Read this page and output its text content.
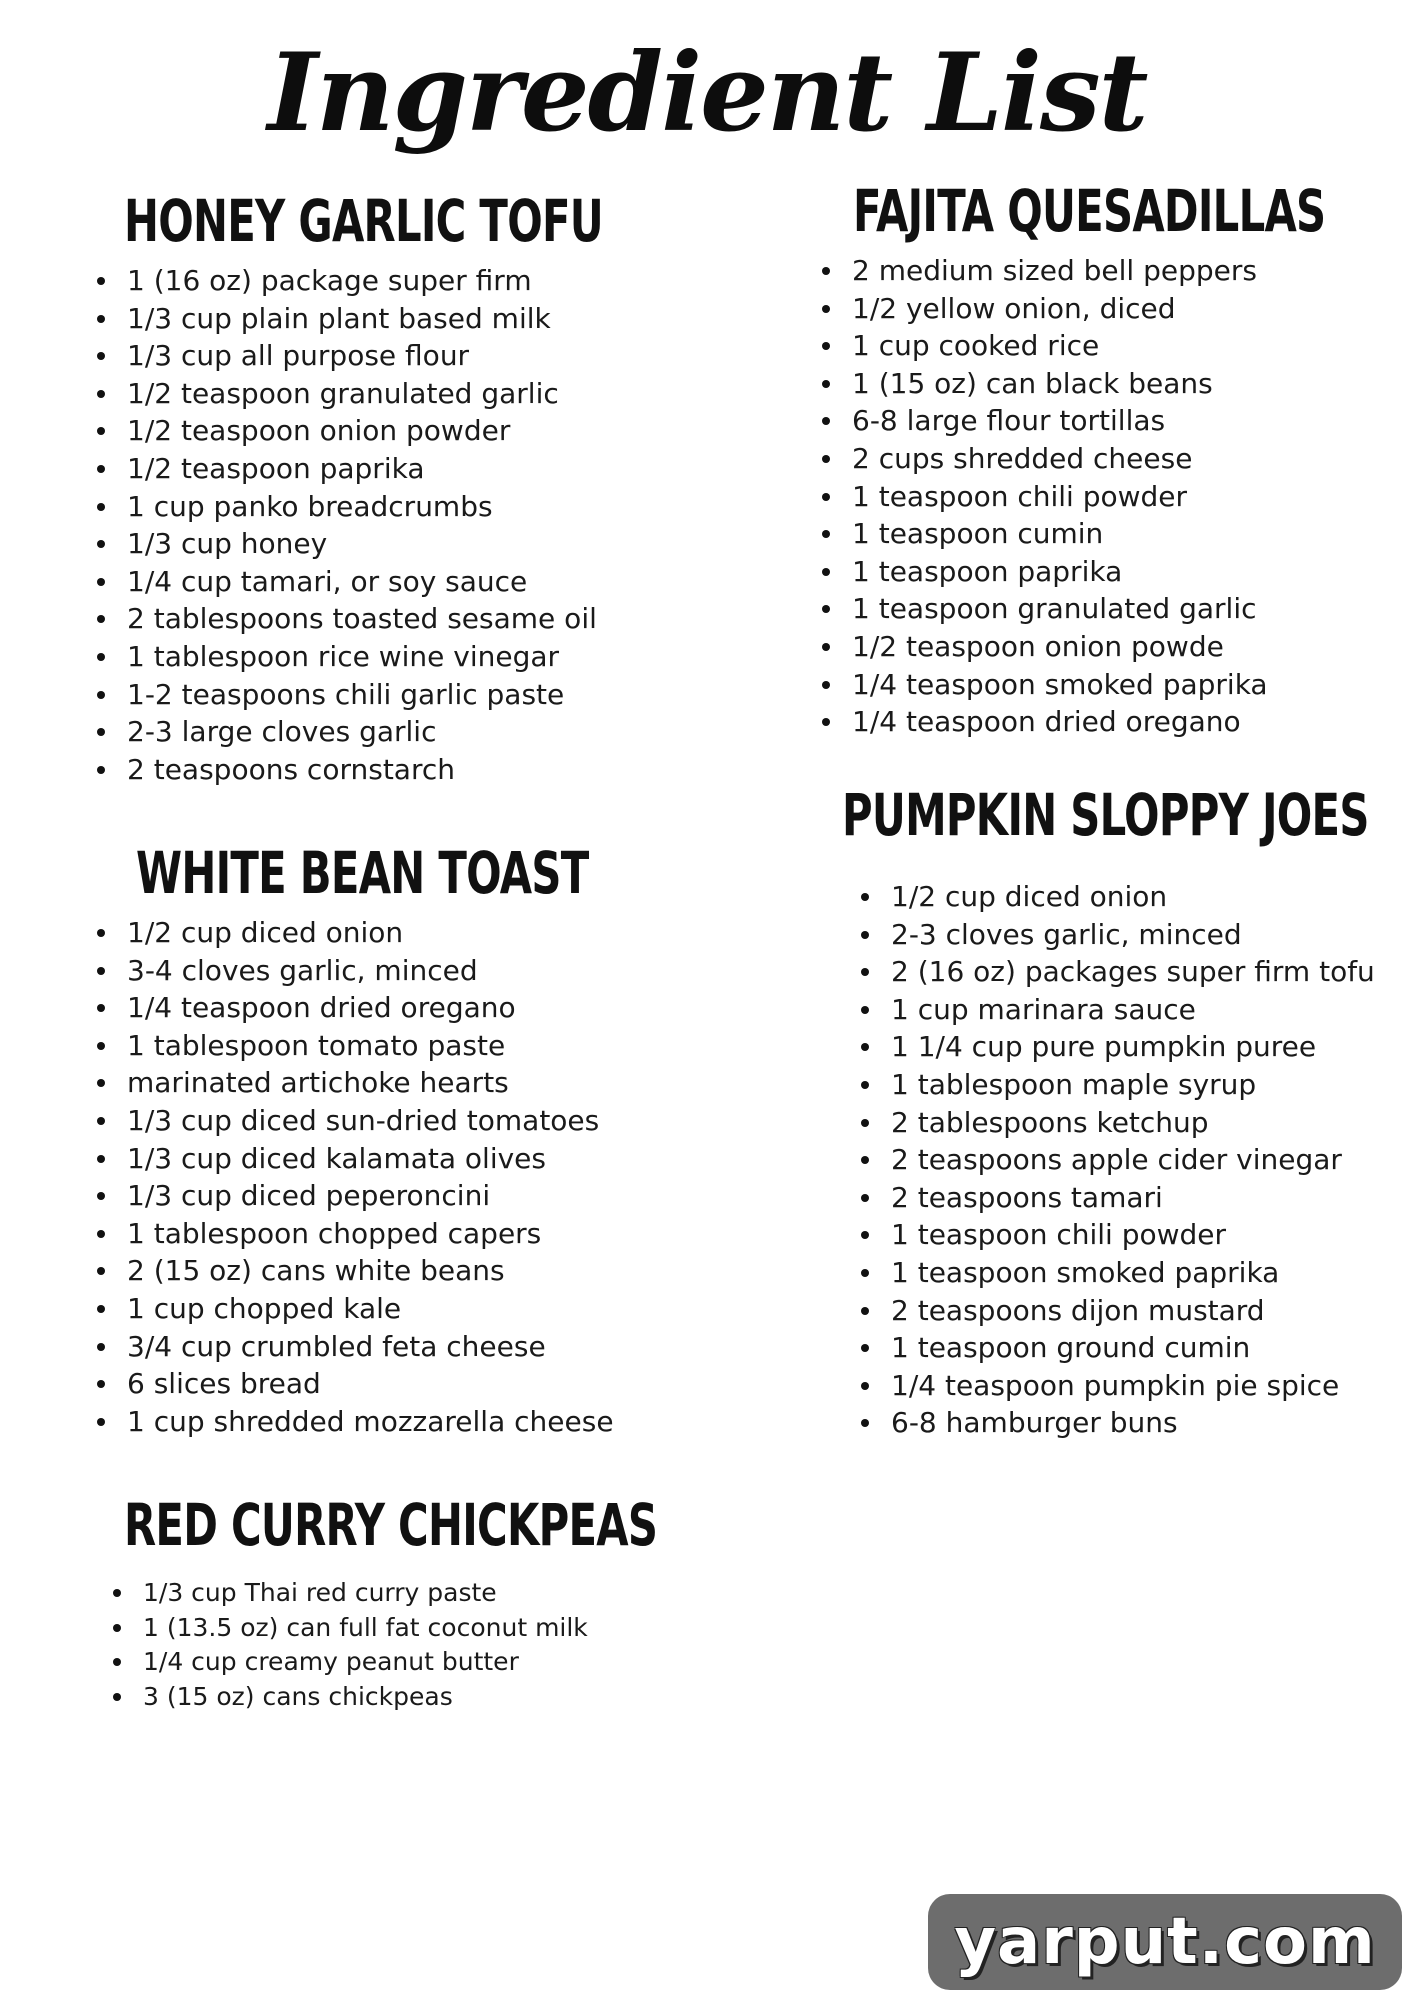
Ingredient List
HONEY GARLIC TOFU
1 (16 oz) package super firm
1/3 cup plain plant based milk
1/3 cup all purpose flour
1/2 teaspoon granulated garlic
1/2 teaspoon onion powder
1/2 teaspoon paprika
1 cup panko breadcrumbs
1/3 cup honey
1/4 cup tamari, or soy sauce
2 tablespoons toasted sesame oil
1 tablespoon rice wine vinegar
1-2 teaspoons chili garlic paste
2-3 large cloves garlic
2 teaspoons cornstarch
FAJITA QUESADILLAS
2 medium sized bell peppers
1/2 yellow onion, diced
1 cup cooked rice
1 (15 oz) can black beans
6-8 large flour tortillas
2 cups shredded cheese
1 teaspoon chili powder
1 teaspoon cumin
1 teaspoon paprika
1 teaspoon granulated garlic
1/2 teaspoon onion powde
1/4 teaspoon smoked paprika
1/4 teaspoon dried oregano
WHITE BEAN TOAST
1/2 cup diced onion
3-4 cloves garlic, minced
1/4 teaspoon dried oregano
1 tablespoon tomato paste
marinated artichoke hearts
1/3 cup diced sun-dried tomatoes
1/3 cup diced kalamata olives
1/3 cup diced peperoncini
1 tablespoon chopped capers
2 (15 oz) cans white beans
1 cup chopped kale
3/4 cup crumbled feta cheese
6 slices bread
1 cup shredded mozzarella cheese
PUMPKIN SLOPPY JOES
1/2 cup diced onion
2-3 cloves garlic, minced
2 (16 oz) packages super firm tofu
1 cup marinara sauce
1 1/4 cup pure pumpkin puree
1 tablespoon maple syrup
2 tablespoons ketchup
2 teaspoons apple cider vinegar
2 teaspoons tamari
1 teaspoon chili powder
1 teaspoon smoked paprika
2 teaspoons dijon mustard
1 teaspoon ground cumin
1/4 teaspoon pumpkin pie spice
6-8 hamburger buns
RED CURRY CHICKPEAS
1/3 cup Thai red curry paste
1 (13.5 oz) can full fat coconut milk
1/4 cup creamy peanut butter
3 (15 oz) cans chickpeas
yarput.com
